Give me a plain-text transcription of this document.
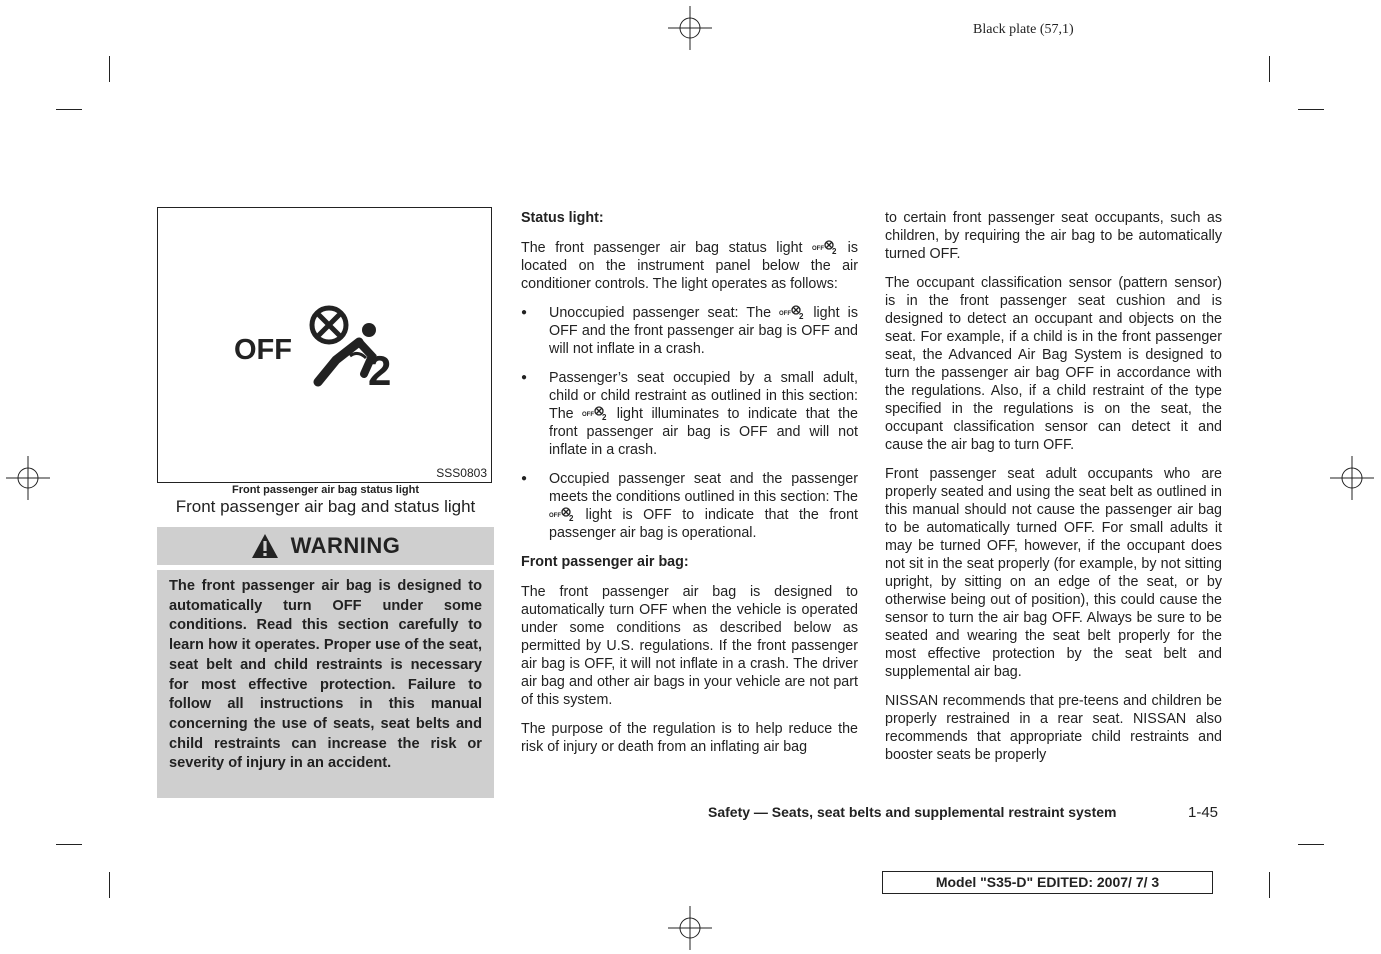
Black plate (57,1)
OFF 2
SSS0803
Front passenger air bag status light
Front passenger air bag and status light
WARNING

The front passenger air bag is designed to automatically turn OFF under some conditions. Read this section carefully to learn how it operates. Proper use of the seat, seat belt and child restraints is necessary for most effective protection. Failure to follow all instructions in this manual concerning the use of seats, seat belts and child restraints can increase the risk or severity of injury in an accident.

Status light:

The front passenger air bag status light OFF 2 is located on the instrument panel below the air conditioner controls. The light operates as follows:

● Unoccupied passenger seat: The OFF 2 light is OFF and the front passenger air bag is OFF and will not inflate in a crash.
● Passenger’s seat occupied by a small adult, child or child restraint as outlined in this section: The OFF 2 light illuminates to indicate that the front passenger air bag is OFF and will not inflate in a crash.
● Occupied passenger seat and the passenger meets the conditions outlined in this section: The
OFF 2 light is OFF to indicate that the front passenger air bag is operational.
Front passenger air bag:

The front passenger air bag is designed to automatically turn OFF when the vehicle is operated under some conditions as described below as permitted by U.S. regulations. If the front passenger air bag is OFF, it will not inflate in a crash. The driver air bag and other air bags in your vehicle are not part of this system.

The purpose of the regulation is to help reduce the risk of injury or death from an inflating air bag

to certain front passenger seat occupants, such as children, by requiring the air bag to be automatically turned OFF.

The occupant classification sensor (pattern sensor) is in the front passenger seat cushion and is designed to detect an occupant and objects on the seat. For example, if a child is in the front passenger seat, the Advanced Air Bag System is designed to turn the passenger air bag OFF in accordance with the regulations. Also, if a child restraint of the type specified in the regulations is on the seat, the occupant classification sensor can detect it and cause the air bag to turn OFF.

Front passenger seat adult occupants who are properly seated and using the seat belt as outlined in this manual should not cause the passenger air bag to be automatically turned OFF. For small adults it may be turned OFF, however, if the occupant does not sit in the seat properly (for example, by not sitting upright, by sitting on an edge of the seat, or by otherwise being out of position), this could cause the sensor to turn the air bag OFF. Always be sure to be seated and wearing the seat belt properly for the most effective protection by the seat belt and supplemental air bag.

NISSAN recommends that pre-teens and children be properly restrained in a rear seat. NISSAN also recommends that appropriate child restraints and booster seats be properly

Safety — Seats, seat belts and supplemental restraint system	1-45
Model "S35-D" EDITED: 2007/ 7/ 3
